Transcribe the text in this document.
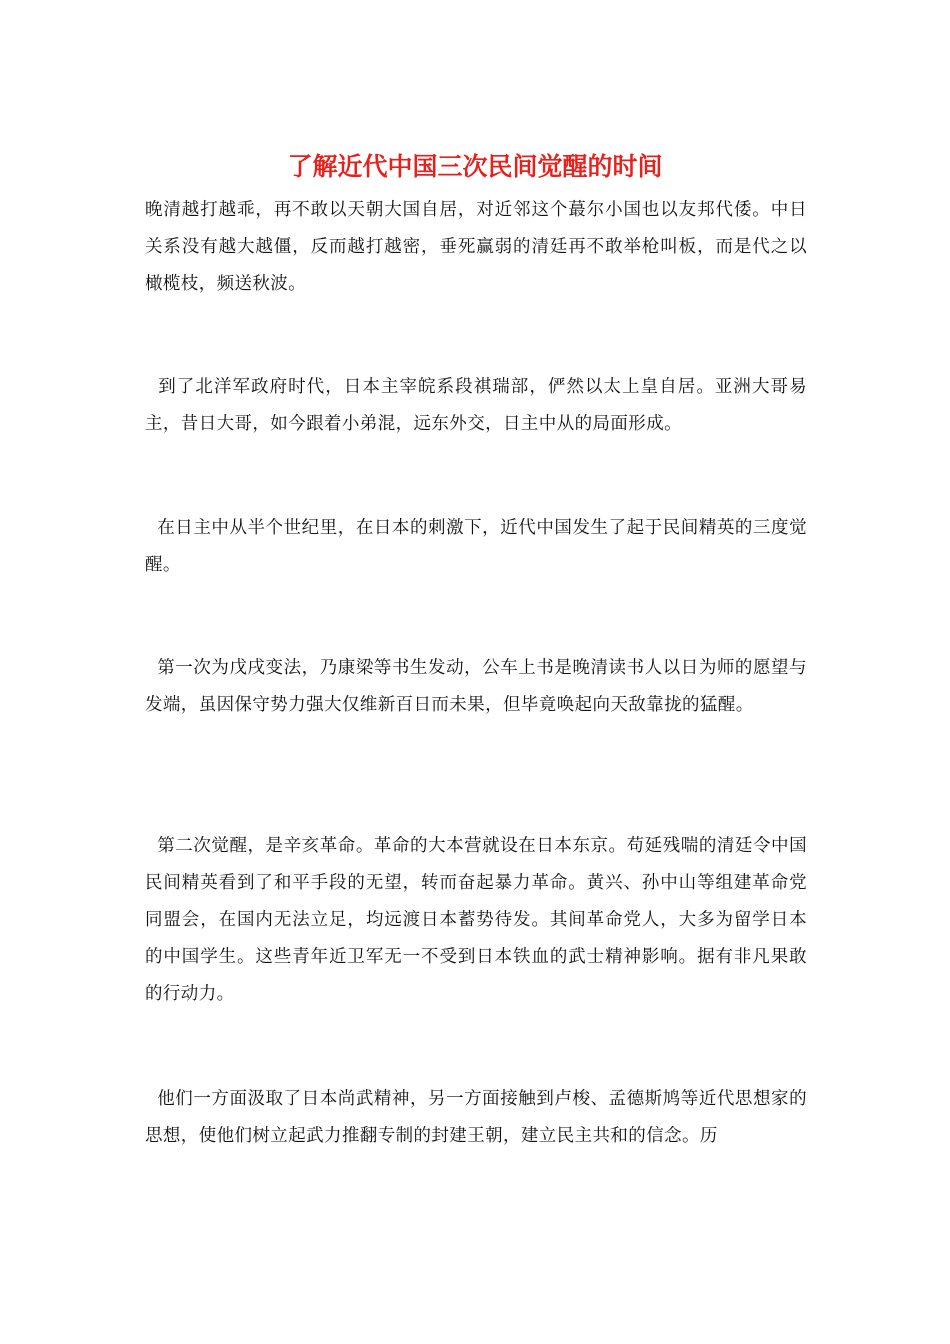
了解近代中国三次民间觉醒的时间

晚清越打越乖，再不敢以天朝大国自居，对近邻这个蕞尔小国也以友邦代倭。中日关系没有越大越僵，反而越打越密，垂死赢弱的清廷再不敢举枪叫板，而是代之以橄榄枝，频送秋波。

到了北洋军政府时代，日本主宰皖系段祺瑞部，俨然以太上皇自居。亚洲大哥易主，昔日大哥，如今跟着小弟混，远东外交，日主中从的局面形成。

在日主中从半个世纪里，在日本的刺激下，近代中国发生了起于民间精英的三度觉醒。

第一次为戊戌变法，乃康梁等书生发动，公车上书是晚清读书人以日为师的愿望与发端，虽因保守势力强大仅维新百日而未果，但毕竟唤起向天敌靠拢的猛醒。

第二次觉醒，是辛亥革命。革命的大本营就设在日本东京。苟延残喘的清廷令中国民间精英看到了和平手段的无望，转而奋起暴力革命。黄兴、孙中山等组建革命党同盟会，在国内无法立足，均远渡日本蓄势待发。其间革命党人，大多为留学日本的中国学生。这些青年近卫军无一不受到日本铁血的武士精神影响。据有非凡果敢的行动力。

他们一方面汲取了日本尚武精神，另一方面接触到卢梭、孟德斯鸠等近代思想家的思想，使他们树立起武力推翻专制的封建王朝，建立民主共和的信念。历
